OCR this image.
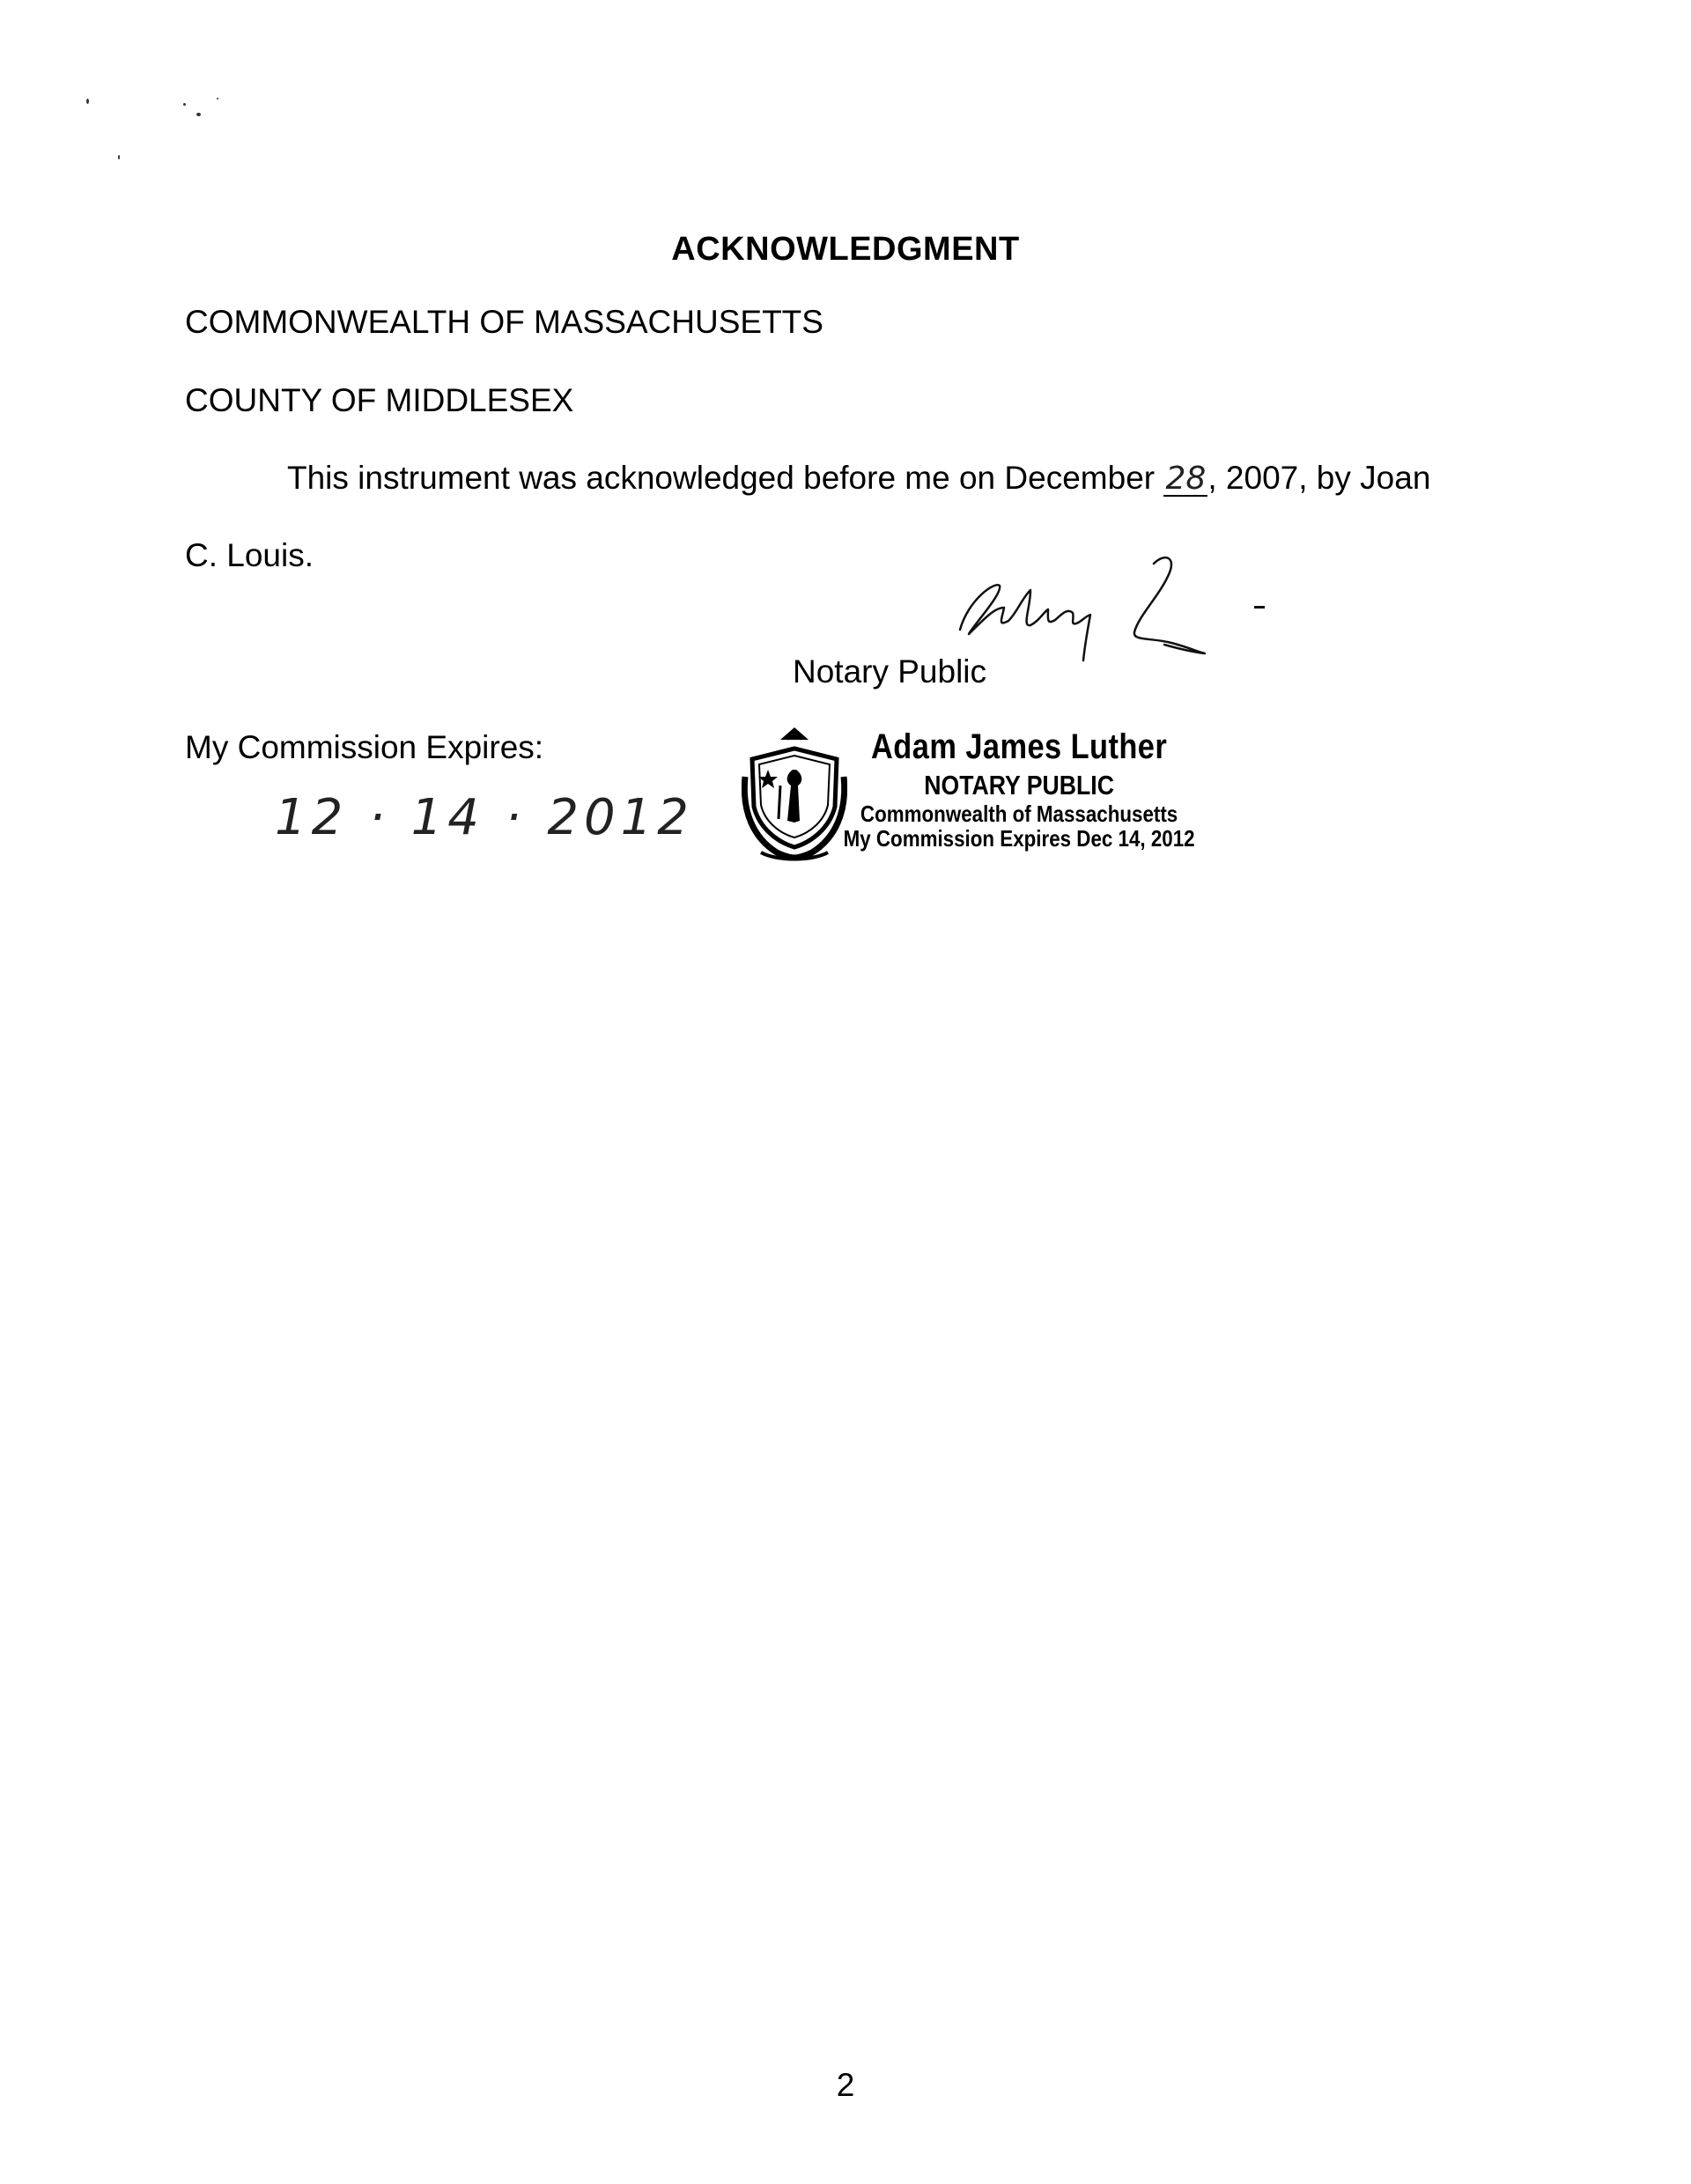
ACKNOWLEDGMENT
COMMONWEALTH OF MASSACHUSETTS
COUNTY OF MIDDLESEX
This instrument was acknowledged before me on December 28, 2007, by Joan
C. Louis.
Notary Public
My Commission Expires:
12 · 14 · 2012
Adam James Luther
NOTARY PUBLIC
Commonwealth of Massachusetts
My Commission Expires Dec 14, 2012
2
